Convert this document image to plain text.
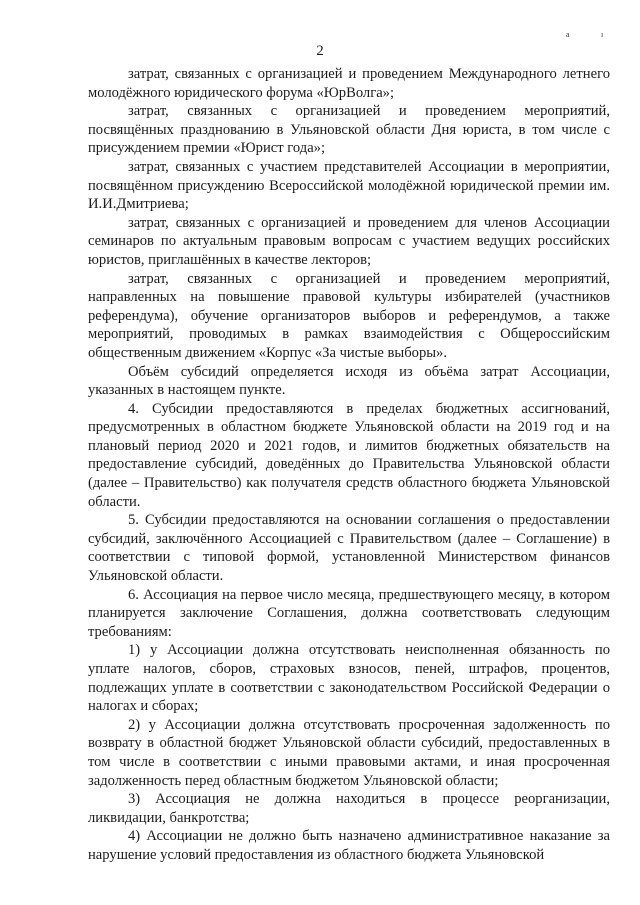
a	ı
2

затрат, связанных с организацией и проведением Международного летнего молодёжного юридического форума «ЮрВолга»;

затрат, связанных с организацией и проведением мероприятий, посвящённых празднованию в Ульяновской области Дня юриста, в том числе с присуждением премии «Юрист года»;

затрат, связанных с участием представителей Ассоциации в мероприятии, посвящённом присуждению Всероссийской молодёжной юридической премии им. И.И.Дмитриева;

затрат, связанных с организацией и проведением для членов Ассоциации семинаров по актуальным правовым вопросам с участием ведущих российских юристов, приглашённых в качестве лекторов;

затрат, связанных с организацией и проведением мероприятий, направленных на повышение правовой культуры избирателей (участников референдума), обучение организаторов выборов и референдумов, а также мероприятий, проводимых в рамках взаимодействия с Общероссийским общественным движением «Корпус «За чистые выборы».

Объём субсидий определяется исходя из объёма затрат Ассоциации, указанных в настоящем пункте.

4. Субсидии предоставляются в пределах бюджетных ассигнований, предусмотренных в областном бюджете Ульяновской области на 2019 год и на плановый период 2020 и 2021 годов, и лимитов бюджетных обязательств на предоставление субсидий, доведённых до Правительства Ульяновской области (далее – Правительство) как получателя средств областного бюджета Ульяновской области.

5. Субсидии предоставляются на основании соглашения о предоставлении субсидий, заключённого Ассоциацией с Правительством (далее – Соглашение) в соответствии с типовой формой, установленной Министерством финансов Ульяновской области.

6. Ассоциация на первое число месяца, предшествующего месяцу, в котором планируется заключение Соглашения, должна соответствовать следующим требованиям:

1) у Ассоциации должна отсутствовать неисполненная обязанность по уплате налогов, сборов, страховых взносов, пеней, штрафов, процентов, подлежащих уплате в соответствии с законодательством Российской Федерации о налогах и сборах;

2) у Ассоциации должна отсутствовать просроченная задолженность по возврату в областной бюджет Ульяновской области субсидий, предоставленных в том числе в соответствии с иными правовыми актами, и иная просроченная задолженность перед областным бюджетом Ульяновской области;

3) Ассоциация не должна находиться в процессе реорганизации, ликвидации, банкротства;

4) Ассоциации не должно быть назначено административное наказание за нарушение условий предоставления из областного бюджета Ульяновской
